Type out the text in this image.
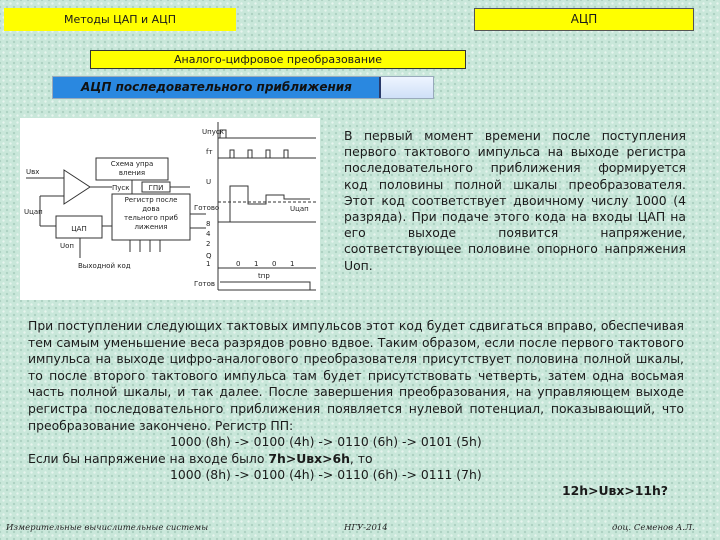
Методы ЦАП и АЦП	АЦП
Аналого-цифровое преобразование
АЦП последовательного приближения
Схема упра
вления
Регистр после
дова
тельного приб
лижения
ГПИ
ЦАП
Uвх
Uцап
Пуск
Готово
Выходной код
Uоп
Uпуск
fт
U
Q
8
4
2
1	0 1 0 1
Uцап
tпр
Готов
В первый момент времени после поступления первого тактового импульса на выходе регистра последовательного приближения формируется код половины полной шкалы преобразователя. Этот код соответствует двоичному числу 1000 (4 разряда). При подаче этого кода на входы ЦАП на его выходе появится напряжение, соответствующее половине опорного напряжения Uоп.

При поступлении следующих тактовых импульсов этот код будет сдвигаться вправо, обеспечивая тем самым уменьшение веса разрядов ровно вдвое. Таким образом, если после первого тактового импульса на выходе цифро-аналогового преобразователя присутствует половина полной шкалы, то после второго тактового импульса там будет присутствовать четверть, затем одна восьмая часть полной шкалы, и так далее. После завершения преобразования, на управляющем выходе регистра последовательного приближения появляется нулевой потенциал, показывающий, что преобразование закончено. Регистр ПП:

1000 (8h) -> 0100 (4h) -> 0110 (6h) -> 0101 (5h)
Если бы напряжение на входе было 7h>Uвх>6h, то
1000 (8h) -> 0100 (4h) -> 0110 (6h) -> 0111 (7h)
12h>Uвх>11h?
Измерительные вычислительные системы	НГУ-2014	доц. Семенов А.Л.
